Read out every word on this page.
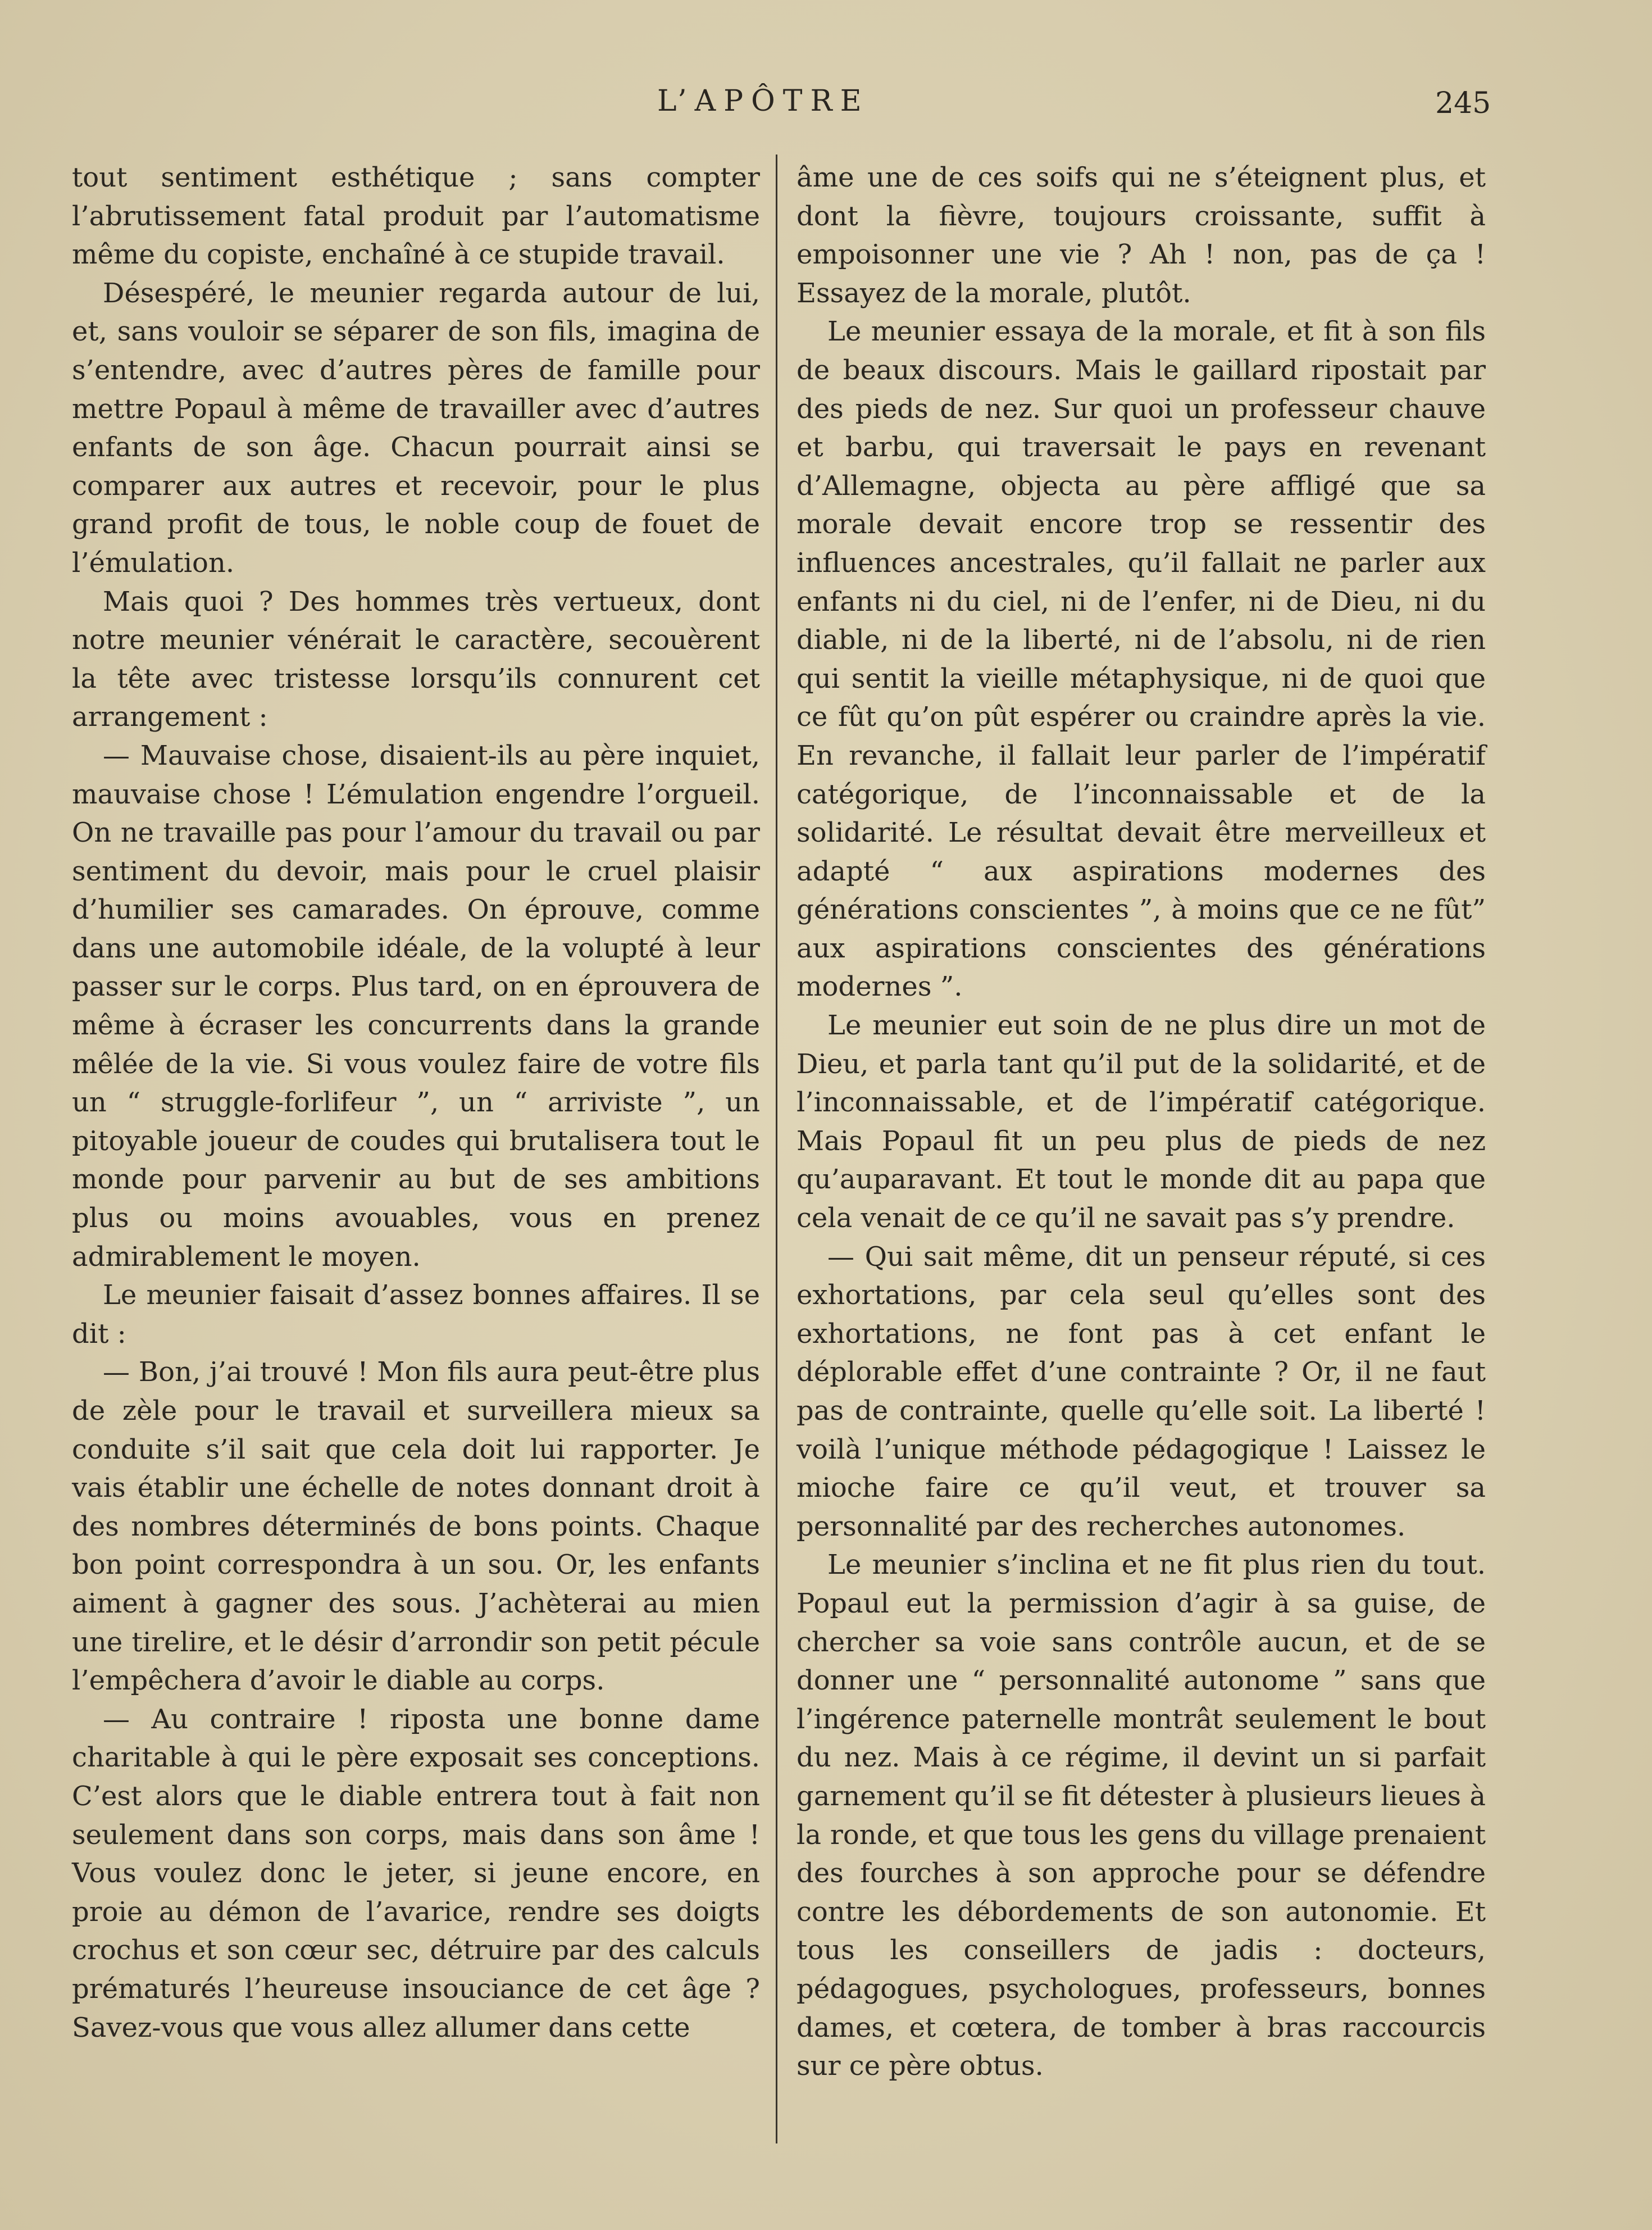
L’APÔTRE	245

tout sentiment esthétique ; sans compter l’abrutissement fatal produit par l’automatisme même du copiste, enchaîné à ce stupide travail.

Désespéré, le meunier regarda autour de lui, et, sans vouloir se séparer de son fils, imagina de s’entendre, avec d’autres pères de famille pour mettre Popaul à même de travailler avec d’autres enfants de son âge. Chacun pourrait ainsi se comparer aux autres et recevoir, pour le plus grand profit de tous, le noble coup de fouet de l’émulation.

Mais quoi ? Des hommes très vertueux, dont notre meunier vénérait le caractère, secouèrent la tête avec tristesse lorsqu’ils connurent cet arrangement :

— Mauvaise chose, disaient-ils au père inquiet, mauvaise chose ! L’émulation engendre l’orgueil. On ne travaille pas pour l’amour du travail ou par sentiment du devoir, mais pour le cruel plaisir d’humilier ses camarades. On éprouve, comme dans une automobile idéale, de la volupté à leur passer sur le corps. Plus tard, on en éprouvera de même à écraser les concurrents dans la grande mêlée de la vie. Si vous voulez faire de votre fils un “ struggle-forlifeur ”, un “ arriviste ”, un pitoyable joueur de coudes qui brutalisera tout le monde pour parvenir au but de ses ambitions plus ou moins avouables, vous en prenez admirablement le moyen.

Le meunier faisait d’assez bonnes affaires. Il se dit :

— Bon, j’ai trouvé ! Mon fils aura peut-être plus de zèle pour le travail et surveillera mieux sa conduite s’il sait que cela doit lui rapporter. Je vais établir une échelle de notes donnant droit à des nombres déterminés de bons points. Chaque bon point correspondra à un sou. Or, les enfants aiment à gagner des sous. J’achèterai au mien une tirelire, et le désir d’arrondir son petit pécule l’empêchera d’avoir le diable au corps.

— Au contraire ! riposta une bonne dame charitable à qui le père exposait ses conceptions. C’est alors que le diable entrera tout à fait non seulement dans son corps, mais dans son âme ! Vous voulez donc le jeter, si jeune encore, en proie au démon de l’avarice, rendre ses doigts crochus et son cœur sec, détruire par des calculs prématurés l’heureuse insouciance de cet âge ? Savez-vous que vous allez allumer dans cette

âme une de ces soifs qui ne s’éteignent plus, et dont la fièvre, toujours croissante, suffit à empoisonner une vie ? Ah ! non, pas de ça ! Essayez de la morale, plutôt.

Le meunier essaya de la morale, et fit à son fils de beaux discours. Mais le gaillard ripostait par des pieds de nez. Sur quoi un professeur chauve et barbu, qui traversait le pays en revenant d’Allemagne, objecta au père affligé que sa morale devait encore trop se ressentir des influences ancestrales, qu’il fallait ne parler aux enfants ni du ciel, ni de l’enfer, ni de Dieu, ni du diable, ni de la liberté, ni de l’absolu, ni de rien qui sentit la vieille métaphysique, ni de quoi que ce fût qu’on pût espérer ou craindre après la vie. En revanche, il fallait leur parler de l’impératif catégorique, de l’inconnaissable et de la solidarité. Le résultat devait être merveilleux et adapté “ aux aspirations modernes des générations conscientes ”, à moins que ce ne fût” aux aspirations conscientes des générations modernes ”.

Le meunier eut soin de ne plus dire un mot de Dieu, et parla tant qu’il put de la solidarité, et de l’inconnaissable, et de l’impératif catégorique. Mais Popaul fit un peu plus de pieds de nez qu’auparavant. Et tout le monde dit au papa que cela venait de ce qu’il ne savait pas s’y prendre.

— Qui sait même, dit un penseur réputé, si ces exhortations, par cela seul qu’elles sont des exhortations, ne font pas à cet enfant le déplorable effet d’une contrainte ? Or, il ne faut pas de contrainte, quelle qu’elle soit. La liberté ! voilà l’unique méthode pédagogique ! Laissez le mioche faire ce qu’il veut, et trouver sa personnalité par des recherches autonomes.

Le meunier s’inclina et ne fit plus rien du tout. Popaul eut la permission d’agir à sa guise, de chercher sa voie sans contrôle aucun, et de se donner une “ personnalité autonome ” sans que l’ingérence paternelle montrât seulement le bout du nez. Mais à ce régime, il devint un si parfait garnement qu’il se fit détester à plusieurs lieues à la ronde, et que tous les gens du village prenaient des fourches à son approche pour se défendre contre les débordements de son autonomie. Et tous les conseillers de jadis : docteurs, pédagogues, psychologues, professeurs, bonnes dames, et cœtera, de tomber à bras raccourcis sur ce père obtus.
